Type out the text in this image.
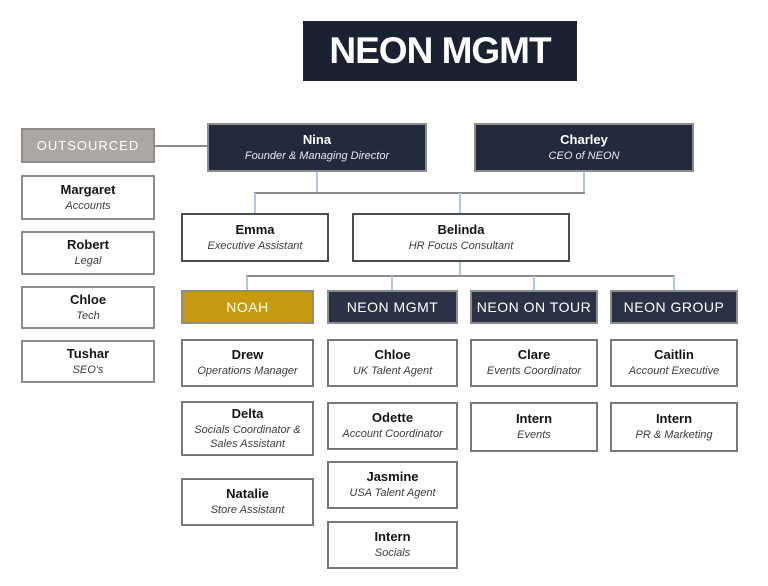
NEON MGMT
OUTSOURCED
Margaret
Accounts
Robert
Legal
Chloe
Tech
Tushar
SEO's
Nina
Founder & Managing Director
Charley
CEO of NEON
Emma
Executive Assistant
Belinda
HR Focus Consultant
NOAH	NEON MGMT	NEON ON TOUR	NEON GROUP
Drew
Operations Manager
Delta
Socials Coordinator & Sales Assistant
Natalie
Store Assistant
Chloe
UK Talent Agent
Odette
Account Coordinator
Jasmine
USA Talent Agent
Intern
Socials
Clare
Events Coordinator
Intern
Events
Caitlin
Account Executive
Intern
PR & Marketing
